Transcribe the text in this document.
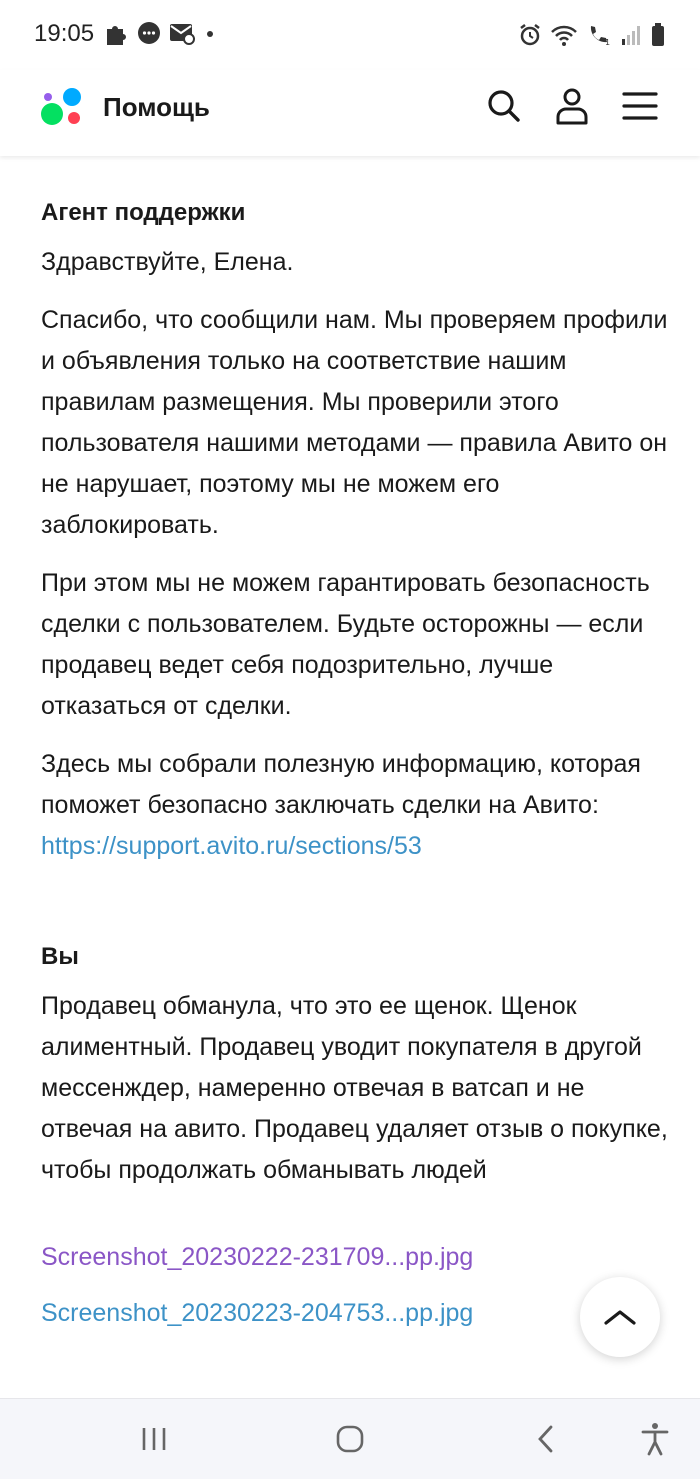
19:05	1
Помощь
Агент поддержки

Здравствуйте, Елена.

Спасибо, что сообщили нам. Мы проверяем профили и объявления только на соответствие нашим правилам размещения. Мы проверили этого пользователя нашими методами — правила Авито он не нарушает, поэтому мы не можем его заблокировать.

При этом мы не можем гарантировать безопасность сделки с пользователем. Будьте осторожны — если продавец ведет себя подозрительно, лучше отказаться от сделки.

Здесь мы собрали полезную информацию, которая поможет безопасно заключать сделки на Авито: https://support.avito.ru/sections/53

Вы

Продавец обманула, что это ее щенок. Щенок алиментный. Продавец уводит покупателя в другой мессенждер, намеренно отвечая в ватсап и не отвечая на авито. Продавец удаляет отзыв о покупке, чтобы продолжать обманывать людей

Screenshot_20230222-231709...pp.jpg
Screenshot_20230223-204753...pp.jpg
